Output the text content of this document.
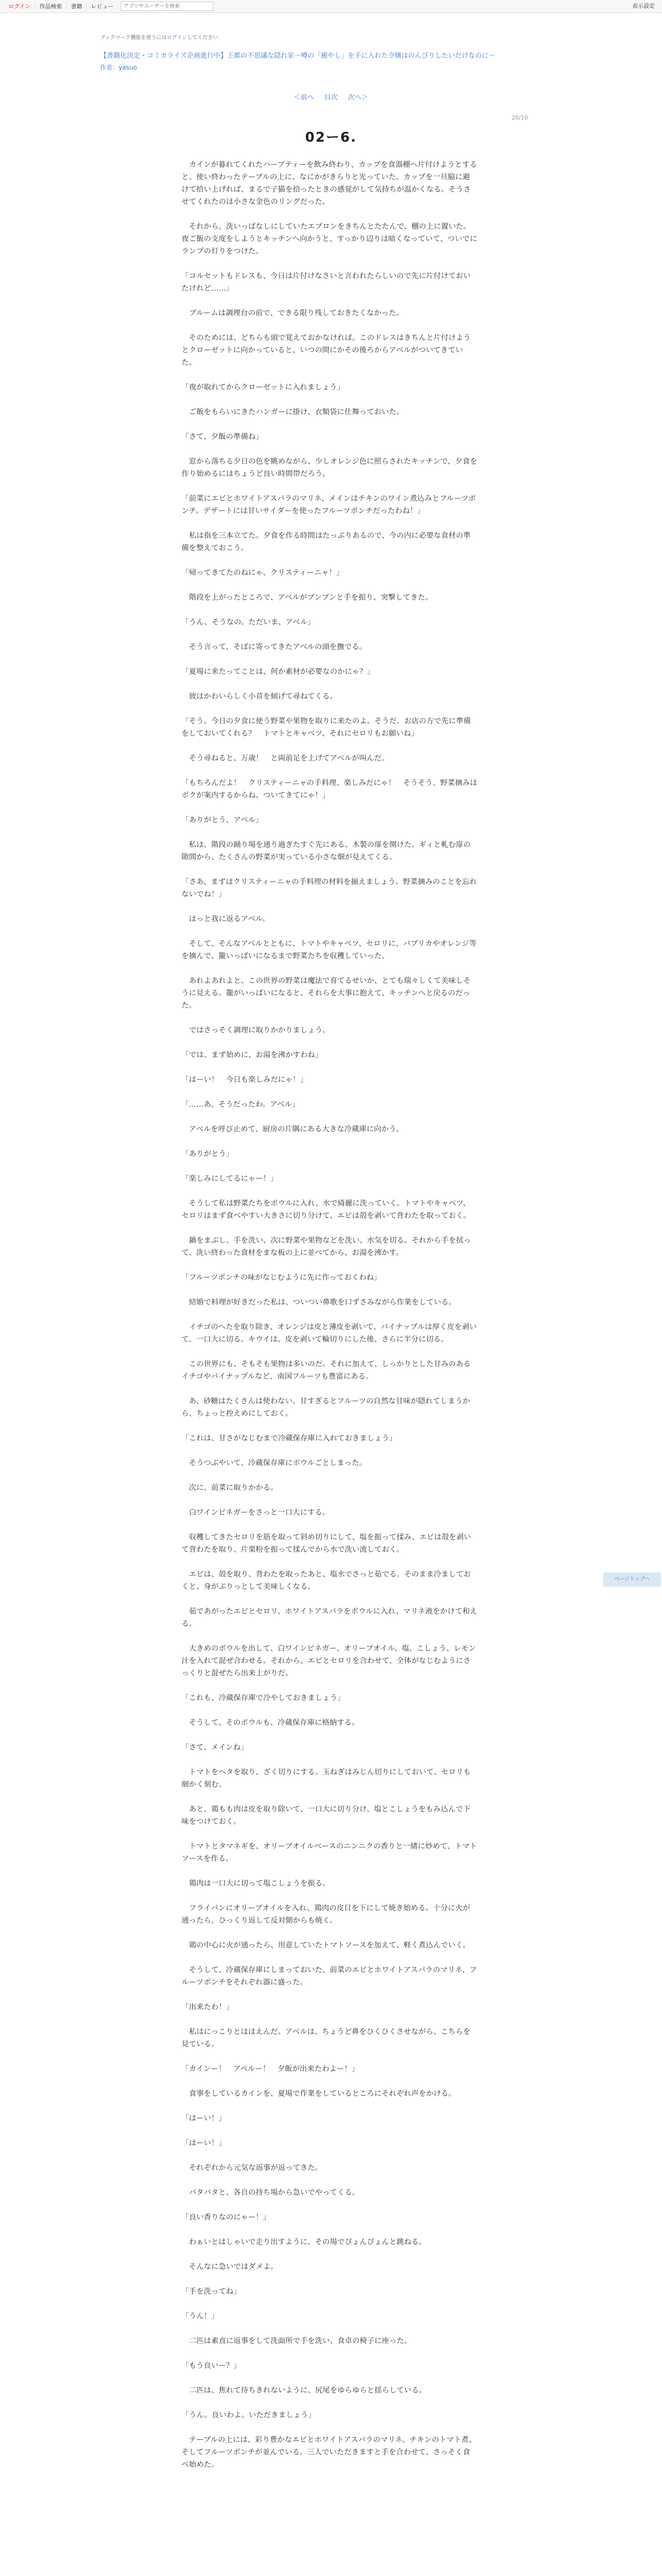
ログイン	作品検索	書籍	レビュー
アプリやユーザーを検索	表示設定
ブックマーク機能を使うにはログインしてください
【書籍化決定・コミカライズ企画進行中】王都の不思議な隠れ家〜噂の「癒やし」を手に入れた令嬢はのんびりしたいだけなのに〜
作者：yasuo
＜前へ 目次 次へ＞
20/10
02ー6.

　カインが暮れてくれたハーブティーを飲み終わり、カップを食器棚へ片付けようとすると、使い終わったテーブルの上に、なにかがきらりと光っていた。カップを一旦脇に避けて拾い上げれば、まるで子猫を拾ったときの感覚がして気持ちが温かくなる。そうさせてくれたのは小さな金色のリングだった。

　それから、洗いっぱなしにしていたエプロンをきちんとたたんで、棚の上に置いた。夜ご飯の支度をしようとキッチンへ向かうと、すっかり辺りは暗くなっていて、ついでにランプの灯りをつけた。

「コルセットもドレスも、今日は片付けなさいと言われたらしいので先に片付けておいたけれど……」

　ブルームは調理台の前で、できる限り残しておきたくなかった。

　そのためには、どちらも頭で覚えておかなければ。このドレスはきちんと片付けようとクローゼットに向かっていると、いつの間にかその後ろからアベルがついてきていた。

「夜が取れてからクローゼットに入れましょう」

　ご飯をもらいにきたハンガーに掛け、衣類袋に仕舞っておいた。

「さて、夕飯の準備ね」

　窓から落ちる夕日の色を眺めながら、少しオレンジ色に照らされたキッチンで、夕食を作り始めるにはちょうど良い時間帯だろう。

「前菜にエビとホワイトアスパラのマリネ、メインはチキンのワイン煮込みとフルーツポンチ。デザートには甘いサイダーを使ったフルーツポンチだったわね！」

　私は指を三本立てた。夕食を作る時間はたっぷりあるので、今の内に必要な食材の準備を整えておこう。

「帰ってきてたのねにゃ、クリスティーニャ！」

　階段を上がったところで、アベルがブンブンと手を振り、突撃してきた。

「うん、そうなの。ただいま、アベル」

　そう言って、そばに寄ってきたアベルの頭を撫でる。

「夏場に来たってことは、何か素材が必要なのかにゃ？」

　彼はかわいらしく小首を傾げて尋ねてくる。

「そう。今日の夕食に使う野菜や果物を取りに来たのよ。そうだ、お店の方で先に準備をしておいてくれる？　トマトとキャベツ、それにセロリもお願いね」

　そう尋ねると、万歳！　と両前足を上げてアベルが叫んだ。

「もちろんだよ！　クリスティーニャの手料理、楽しみだにゃ！　そうそう、野菜摘みはボクが案内するからね、ついてきてにゃ！」

「ありがとう、アベル」

　私は、階段の踊り場を通り過ぎたすぐ先にある、木製の扉を開けた。ギィと軋む扉の隙間から、たくさんの野菜が実っている小さな畑が見えてくる。

「さあ、まずはクリスティーニャの手料理の材料を揃えましょう。野菜摘みのことを忘れないでね！」

　はっと我に返るアベル。

　そして、そんなアベルとともに、トマトやキャベツ、セロリに、パプリカやオレンジ等を摘んで、籠いっぱいになるまで野菜たちを収穫していった。

　あれよあれよと、この世界の野菜は魔法で育てるせいか、とても瑞々しくて美味しそうに見える。籠がいっぱいになると、それらを大事に抱えて、キッチンへと戻るのだった。

　ではさっそく調理に取りかかりましょう。

「では、まず始めに、お湯を沸かすわね」

「はーい！　今日も楽しみだにゃ！」

「……あ、そうだったわ。アベル」

　アベルを呼び止めて、厨房の片隅にある大きな冷蔵庫に向かう。

「ありがとう」

「楽しみにしてるにゃー！」

　そうして私は野菜たちをボウルに入れ、水で綺麗に洗っていく。トマトやキャベツ、セロリはまず食べやすい大きさに切り分けて、エビは殻を剥いて背わたを取っておく。

　鍋をまぶし、手を洗い、次に野菜や果物などを洗い、水気を切る。それから手を拭って、洗い終わった食材をまな板の上に並べてから、お湯を沸かす。

「フルーツポンチの味がなじむように先に作っておくわね」

　結婚で料理が好きだった私は、ついつい鼻歌を口ずさみながら作業をしている。

　イチゴのへたを取り除き、オレンジは皮と薄皮を剥いて、パイナップルは厚く皮を剥いて、一口大に切る。キウイは、皮を剥いて輪切りにした後、さらに半分に切る。

　この世界にも、そもそも果物は多いのだ。それに加えて、しっかりとした甘みのあるイチゴやパイナップルなど、南国フルーツも豊富にある。

　あ、砂糖はたくさんは使わない。甘すぎるとフルーツの自然な甘味が隠れてしまうから、ちょっと控えめにしておく。

「これは、甘さがなじむまで冷蔵保存庫に入れておきましょう」

　そうつぶやいて、冷蔵保存庫にボウルごとしまった。

　次に、前菜に取りかかる。

　白ワインビネガーをさっと一口大にする。

　収穫してきたセロリを筋を取って斜め切りにして、塩を振って揉み、エビは殻を剥いて背わたを取り、片栗粉を振って揉んでから水で洗い流しておく。

　エビは、殻を取り、背わたを取ったあと、塩水でさっと茹でる。そのまま冷ましておくと、身がぷりっとして美味しくなる。

　茹であがったエビとセロリ、ホワイトアスパラをボウルに入れ、マリネ液をかけて和える。

　大きめのボウルを出して、白ワインビネガー、オリーブオイル、塩、こしょう、レモン汁を入れて混ぜ合わせる。それから、エビとセロリを合わせて、全体がなじむようにさっくりと混ぜたら出来上がりだ。

「これも、冷蔵保存庫で冷やしておきましょう」

　そうして、そのボウルも、冷蔵保存庫に格納する。

「さて、メインね」

　トマトをへタを取り、ざく切りにする。玉ねぎはみじん切りにしておいて、セロリも細かく刻む。

　あと、鶏もも肉は皮を取り除いて、一口大に切り分け、塩とこしょうをもみ込んで下味をつけておく。

　トマトとタマネギを、オリーブオイルベースのニンニクの香りと一緒に炒めて、トマトソースを作る。

　鶏肉は一口大に切って塩こしょうを振る。

　フライパンにオリーブオイルを入れ、鶏肉の皮目を下にして焼き始める。十分に火が通ったら、ひっくり返して反対側からも焼く。

　鶏の中心に火が通ったら、用意していたトマトソースを加えて、軽く煮込んでいく。

　そうして、冷蔵保存庫にしまっておいた、前菜のエビとホワイトアスパラのマリネ、フルーツポンチをそれぞれ器に盛った。

「出来たわ！」

　私はにっこりとほほえんだ。アベルは、ちょうど鼻をひくひくさせながら、こちらを見ている。

「カインー！　アベルー！　夕飯が出来たわよー！」

　食事をしているカインを、夏場で作業をしているところにそれぞれ声をかける。

「はーい！」

「はーい！」

　それぞれから元気な返事が返ってきた。

　バタバタと、各自の持ち場から急いでやってくる。

「良い香りなのにゃー！」

　わぁいとはしゃいで走り出すように、その場でぴょんぴょんと跳ねる。

　そんなに急いではダメよ。

「手を洗ってね」

「うん！」

　二匹は素直に返事をして洗面所で手を洗い、食卓の椅子に座った。

「もう良いー？」

　二匹は、焦れて待ちきれないように、尻尾をゆらゆらと揺らしている。

「うん。良いわよ。いただきましょう」

　テーブルの上には、彩り豊かなエビとホワイトアスパラのマリネ、チキンのトマト煮、そしてフルーツポンチが並んでいる。三人でいただきますと手を合わせて、さっそく食べ始めた。

ページトップへ
